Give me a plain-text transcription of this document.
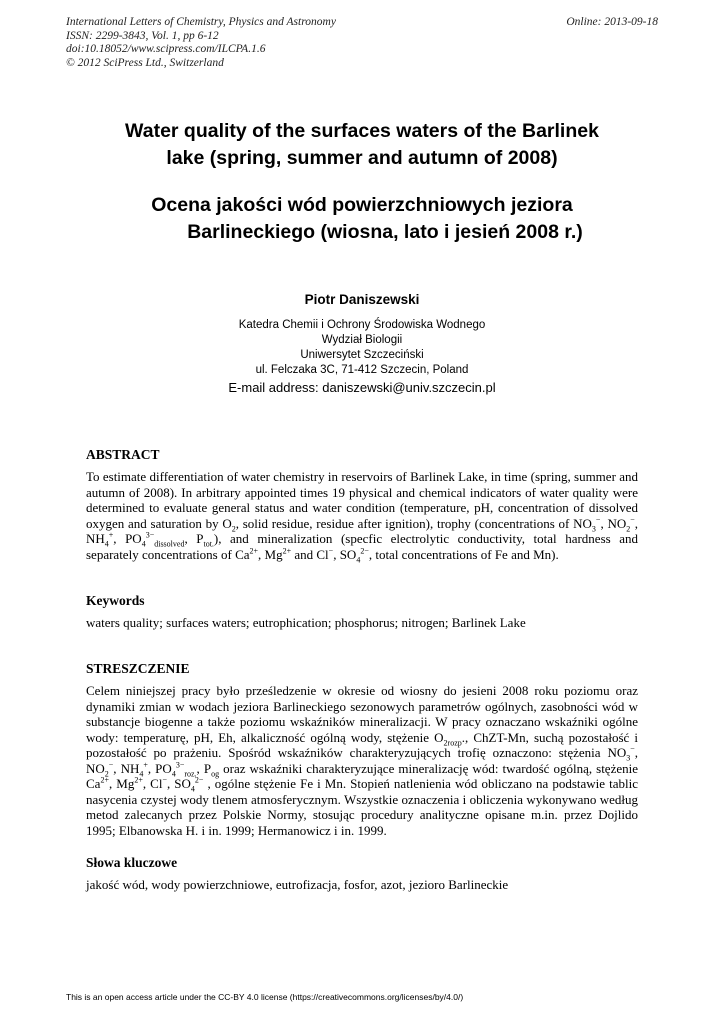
International Letters of Chemistry, Physics and Astronomy
ISSN: 2299-3843, Vol. 1, pp 6-12
doi:10.18052/www.scipress.com/ILCPA.1.6
© 2012 SciPress Ltd., Switzerland
Online: 2013-09-18
Water quality of the surfaces waters of the Barlinek
lake (spring, summer and autumn of 2008)
Ocena jakości wód powierzchniowych jeziora
Barlineckiego (wiosna, lato i jesień 2008 r.)
Piotr Daniszewski
Katedra Chemii i Ochrony Środowiska Wodnego
Wydział Biologii
Uniwersytet Szczeciński
ul. Felczaka 3C, 71-412 Szczecin, Poland
E-mail address: daniszewski@univ.szczecin.pl
ABSTRACT
To estimate differentiation of water chemistry in reservoirs of Barlinek Lake, in time (spring, summer and autumn of 2008). In arbitrary appointed times 19 physical and chemical indicators of water quality were determined to evaluate general status and water condition (temperature, pH, concentration of dissolved oxygen and saturation by $O_2$, solid residue, residue after ignition), trophy (concentrations of $NO_3^-$, $NO_2^-$, $NH_4^+$, $PO_4^{3-}_{dissolved}$, $P_{tot.}$), and mineralization (specfic electrolytic conductivity, total hardness and separately concentrations of $Ca^{2+}$, $Mg^{2+}$ and Cl−, $SO_4^{2-}$, total concentrations of Fe and Mn).
Keywords
waters quality; surfaces waters; eutrophication; phosphorus; nitrogen; Barlinek Lake
STRESZCZENIE
Celem niniejszej pracy było prześledzenie w okresie od wiosny do jesieni 2008 roku poziomu oraz dynamiki zmian w wodach jeziora Barlineckiego sezonowych parametrów ogólnych, zasobności wód w substancje biogenne a także poziomu wskaźników mineralizacji. W pracy oznaczano wskaźniki ogólne wody: temperaturę, pH, Eh, alkaliczność ogólną wody, stężenie $O_{2rozp}$., ChZT-Mn, suchą pozostałość i pozostałość po prażeniu. Spośród wskaźników charakteryzujących trofię oznaczono: stężenia $NO_3^-$, $NO_2^-$, $NH_4^+$, $PO_4^{3-}_{roz.}$, $P_{og}$ oraz wskaźniki charakteryzujące mineralizację wód: twardość ogólną, stężenie $Ca^{2+}$, $Mg^{2+}$, Cl−, $SO_4^{2-}$ , ogólne stężenie Fe i Mn. Stopień natlenienia wód obliczano na podstawie tablic nasycenia czystej wody tlenem atmosferycznym. Wszystkie oznaczenia i obliczenia wykonywano według metod zalecanych przez Polskie Normy, stosując procedury analityczne opisane m.in. przez Dojlido 1995; Elbanowska H. i in. 1999; Hermanowicz i in. 1999.
Słowa kluczowe
jakość wód, wody powierzchniowe, eutrofizacja, fosfor, azot, jezioro Barlineckie
This is an open access article under the CC-BY 4.0 license (https://creativecommons.org/licenses/by/4.0/)
